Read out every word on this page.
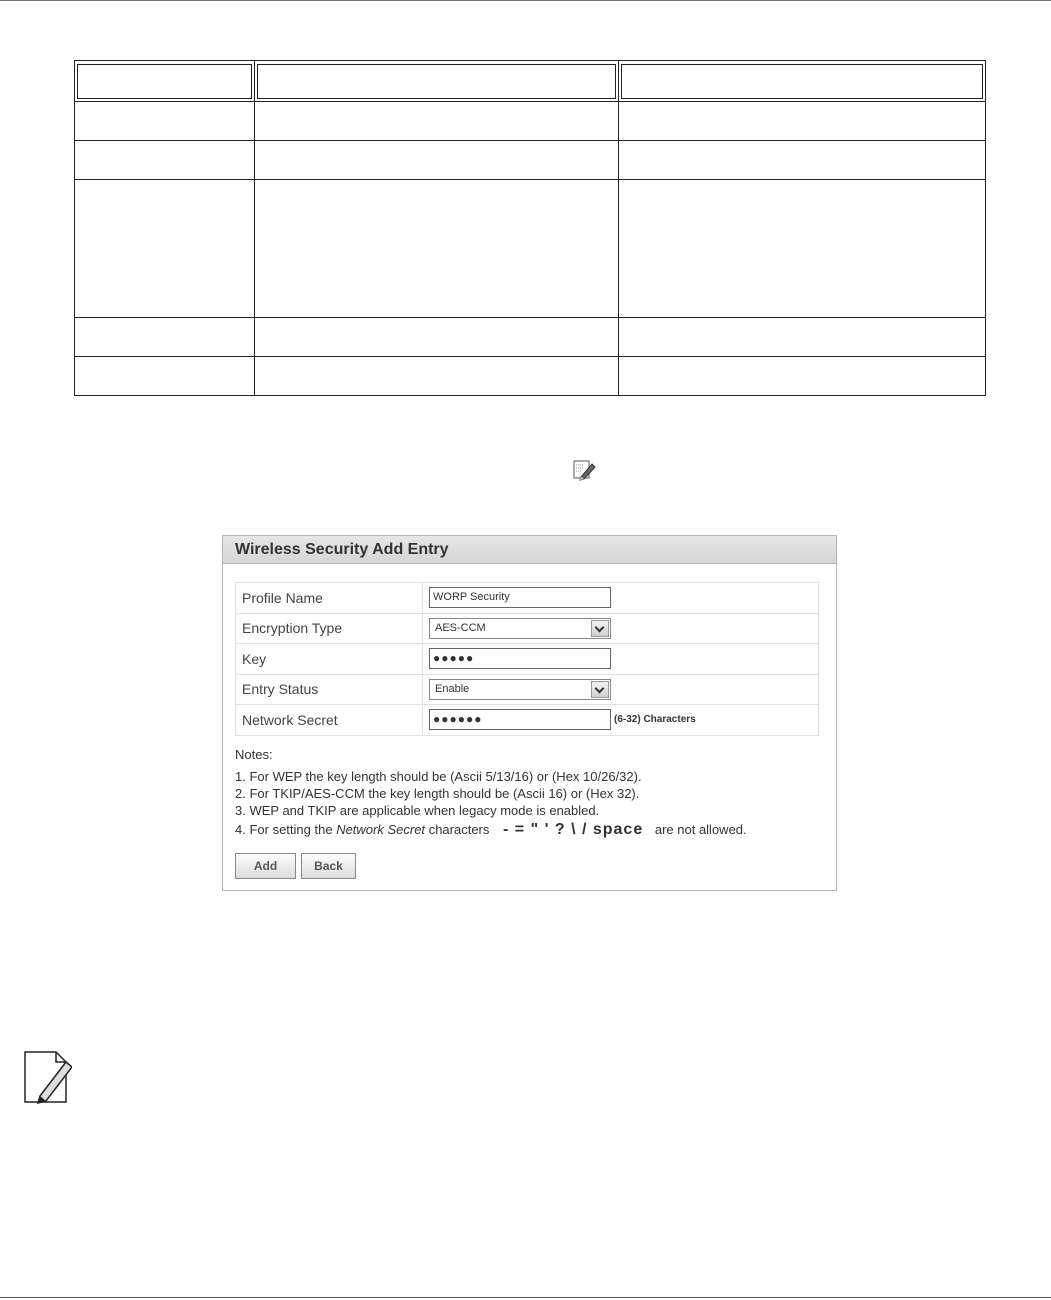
Wireless Security Add Entry
Profile Name	WORP Security
Encryption Type	AES-CCM

Key	●●●●●
Entry Status	Enable

Network Secret	●●●●●● (6-32) Characters
Notes:
1. For WEP the key length should be (Ascii 5/13/16) or (Hex 10/26/32).
2. For TKIP/AES-CCM the key length should be (Ascii 16) or (Hex 32).
3. WEP and TKIP are applicable when legacy mode is enabled.
4. For setting the Network Secret characters - = " ' ? \ / space are not allowed.
Add	Back
